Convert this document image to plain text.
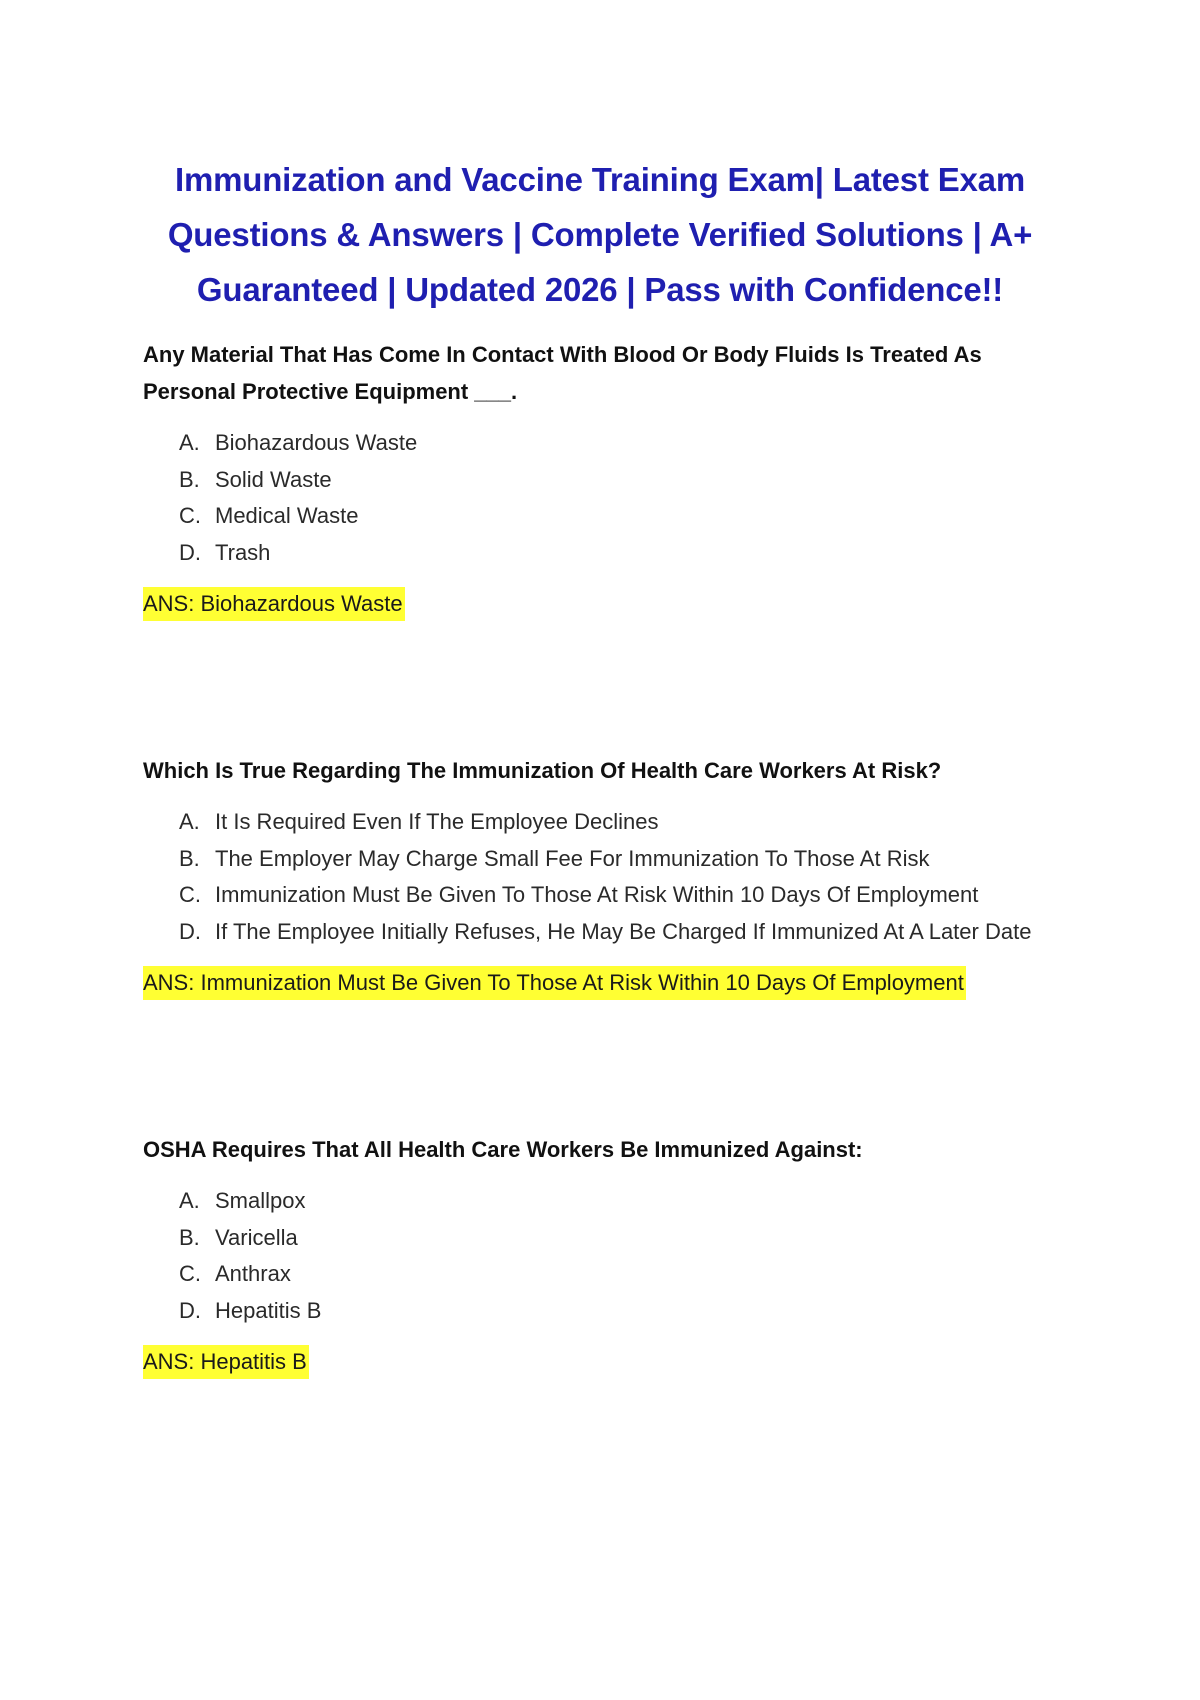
Immunization and Vaccine Training Exam| Latest Exam Questions & Answers | Complete Verified Solutions | A+ Guaranteed | Updated 2026 | Pass with Confidence!!

Any Material That Has Come In Contact With Blood Or Body Fluids Is Treated As Personal Protective Equipment ___.

A. Biohazardous Waste
B. Solid Waste
C. Medical Waste
D. Trash
ANS: Biohazardous Waste

Which Is True Regarding The Immunization Of Health Care Workers At Risk?

A. It Is Required Even If The Employee Declines
B. The Employer May Charge Small Fee For Immunization To Those At Risk
C. Immunization Must Be Given To Those At Risk Within 10 Days Of Employment
D. If The Employee Initially Refuses, He May Be Charged If Immunized At A Later Date
ANS: Immunization Must Be Given To Those At Risk Within 10 Days Of Employment

OSHA Requires That All Health Care Workers Be Immunized Against:

A. Smallpox
B. Varicella
C. Anthrax
D. Hepatitis B
ANS: Hepatitis B
